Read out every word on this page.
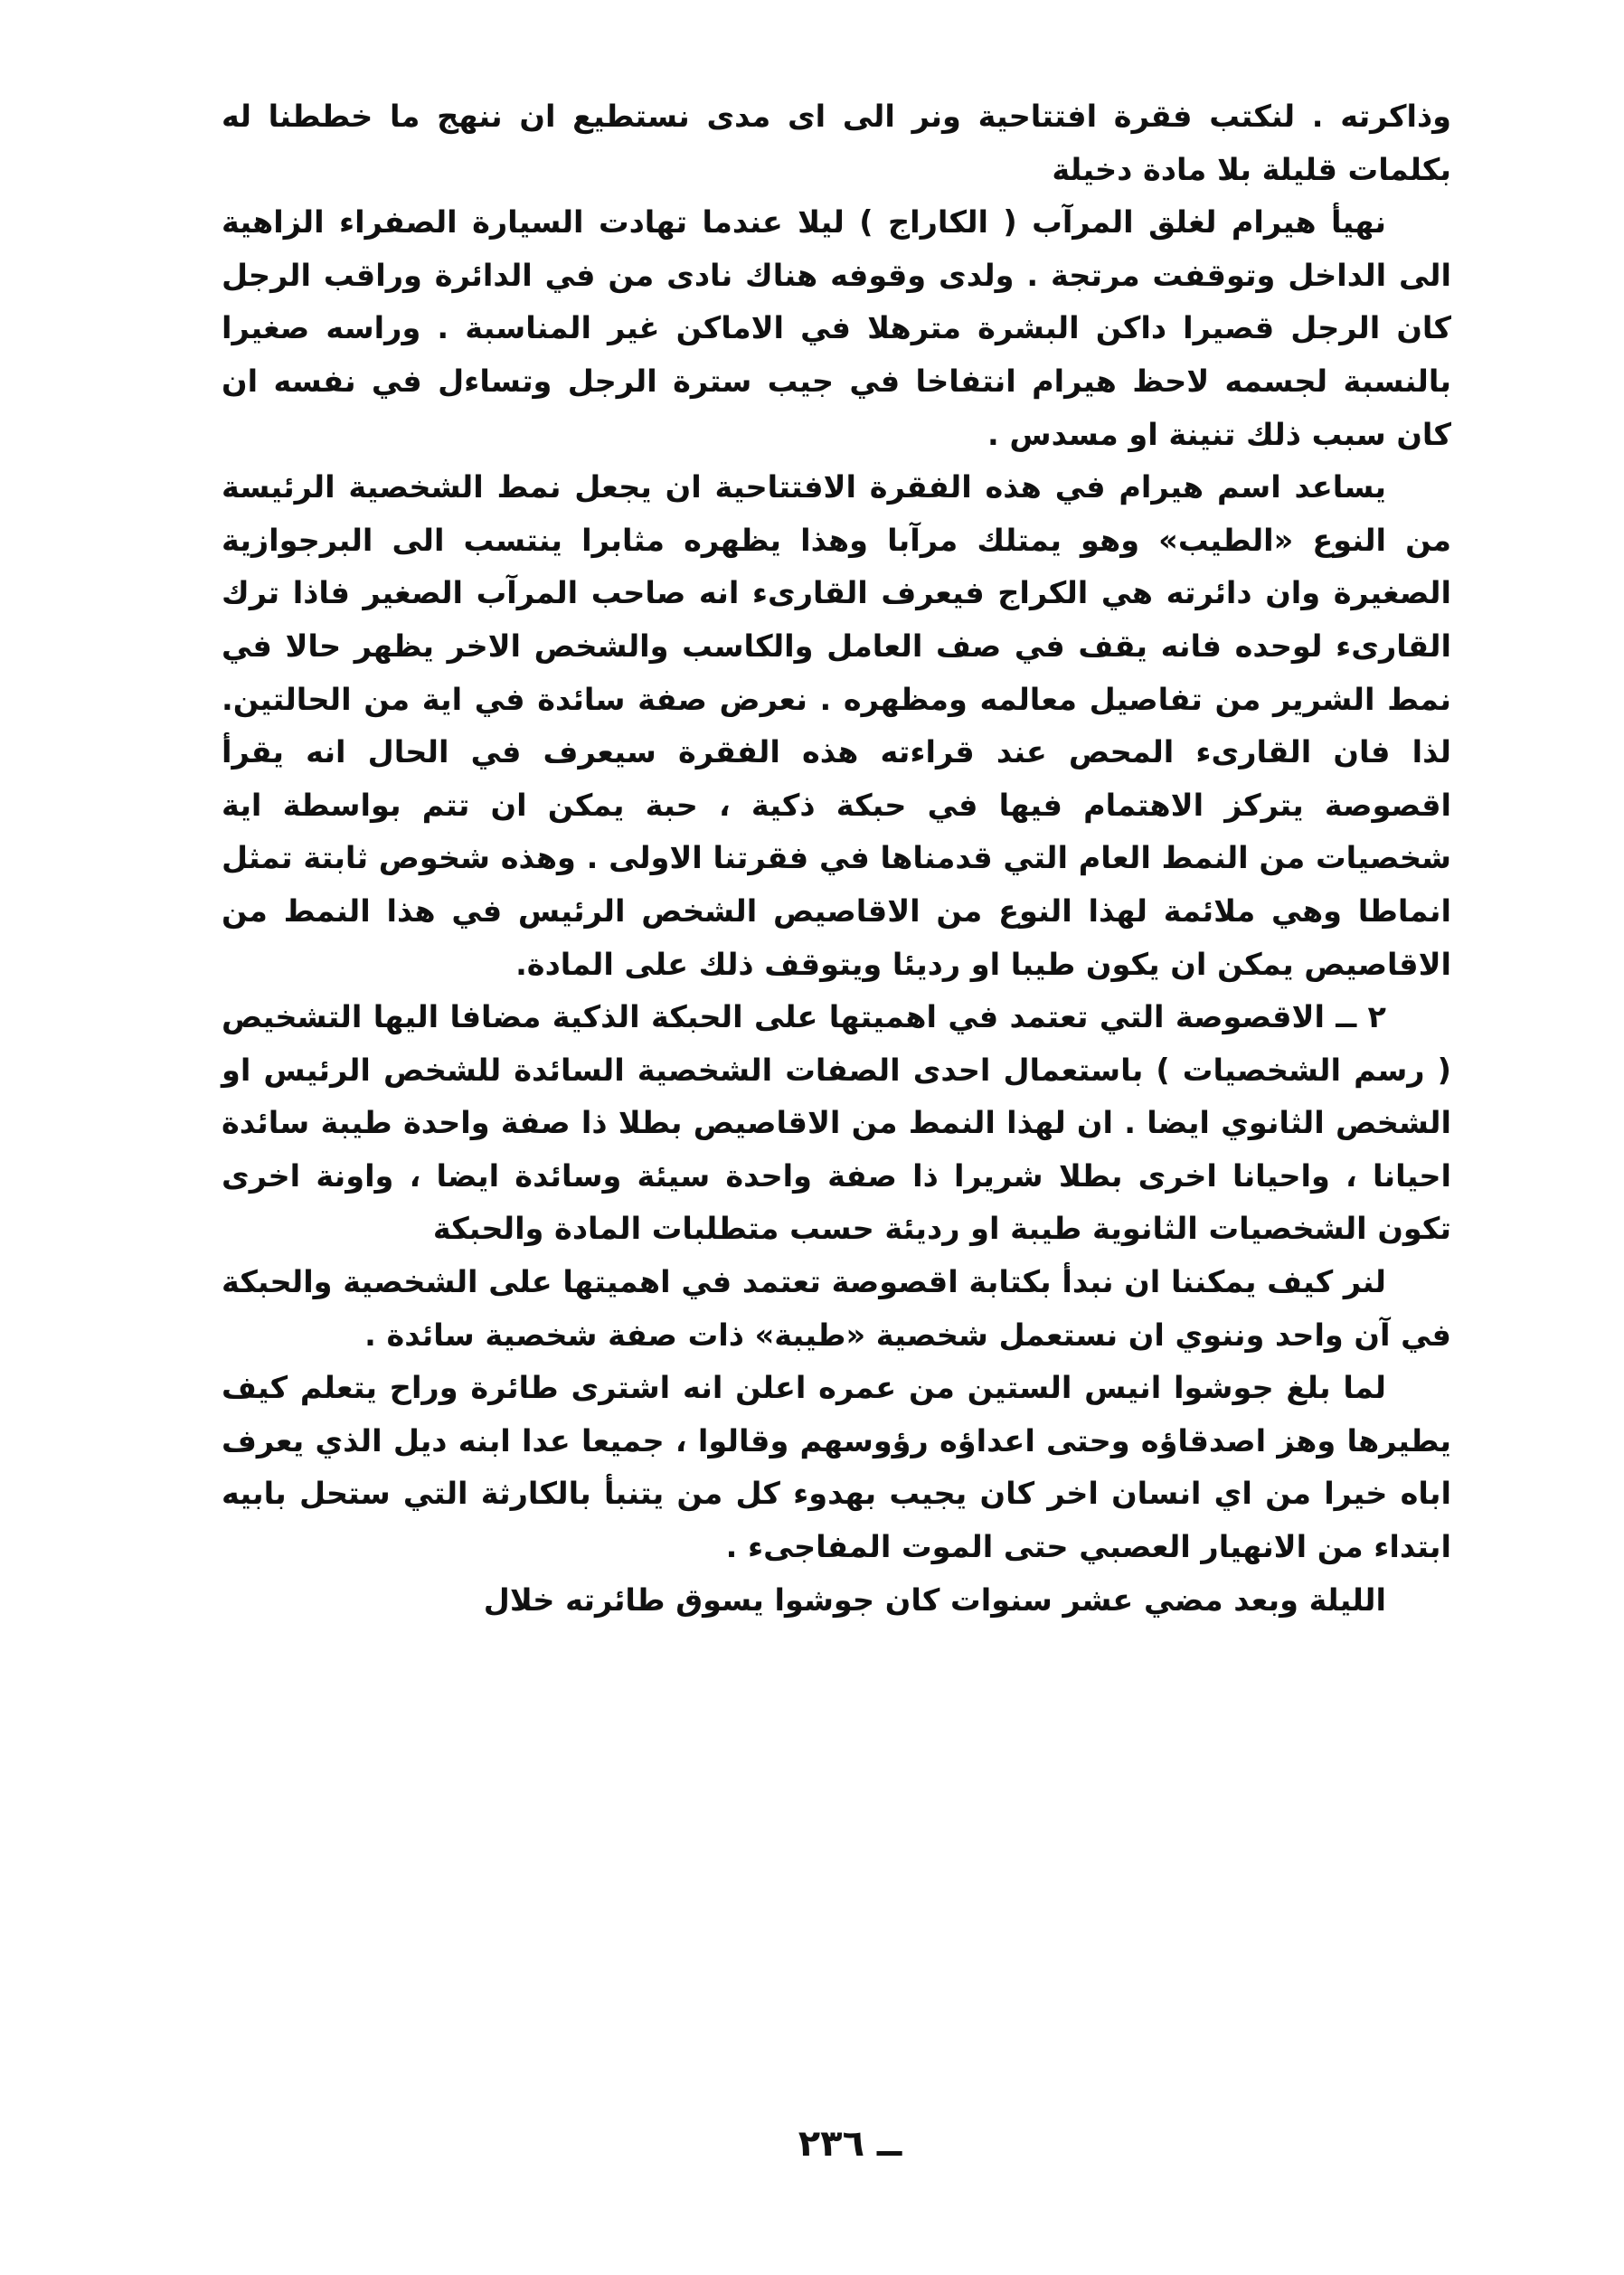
وذاكرته . لنكتب فقرة افتتاحية ونر الى اى مدى نستطيع ان ننهج ما خططنا له بكلمات قليلة بلا مادة دخيلة

نهيأ هيرام لغلق المرآب ( الكاراج ) ليلا عندما تهادت السيارة الصفراء الزاهية الى الداخل وتوقفت مرتجة . ولدى وقوفه هناك نادى من في الدائرة وراقب الرجل كان الرجل قصيرا داكن البشرة مترهلا في الاماكن غير المناسبة . وراسه صغيرا بالنسبة لجسمه لاحظ هيرام انتفاخا في جيب سترة الرجل وتساءل في نفسه ان كان سبب ذلك تنينة او مسدس .

يساعد اسم هيرام في هذه الفقرة الافتتاحية ان يجعل نمط الشخصية الرئيسة من النوع «الطيب» وهو يمتلك مرآبا وهذا يظهره مثابرا ينتسب الى البرجوازية الصغيرة وان دائرته هي الكراج فيعرف القارىء انه صاحب المرآب الصغير فاذا ترك القارىء لوحده فانه يقف في صف العامل والكاسب والشخص الاخر يظهر حالا في نمط الشرير من تفاصيل معالمه ومظهره . نعرض صفة سائدة في اية من الحالتين. لذا فان القارىء المحص عند قراءته هذه الفقرة سيعرف في الحال انه يقرأ اقصوصة يتركز الاهتمام فيها في حبكة ذكية ، حبة يمكن ان تتم بواسطة اية شخصيات من النمط العام التي قدمناها في فقرتنا الاولى . وهذه شخوص ثابتة تمثل انماطا وهي ملائمة لهذا النوع من الاقاصيص الشخص الرئيس في هذا النمط من الاقاصيص يمكن ان يكون طيبا او رديئا ويتوقف ذلك على المادة.

٢ ــ الاقصوصة التي تعتمد في اهميتها على الحبكة الذكية مضافا اليها التشخيص ( رسم الشخصيات ) باستعمال احدى الصفات الشخصية السائدة للشخص الرئيس او الشخص الثانوي ايضا . ان لهذا النمط من الاقاصيص بطلا ذا صفة واحدة طيبة سائدة احيانا ، واحيانا اخرى بطلا شريرا ذا صفة واحدة سيئة وسائدة ايضا ، واونة اخرى تكون الشخصيات الثانوية طيبة او رديئة حسب متطلبات المادة والحبكة

لنر كيف يمكننا ان نبدأ بكتابة اقصوصة تعتمد في اهميتها على الشخصية والحبكة في آن واحد وننوي ان نستعمل شخصية «طيبة» ذات صفة شخصية سائدة .

لما بلغ جوشوا انيس الستين من عمره اعلن انه اشترى طائرة وراح يتعلم كيف يطيرها وهز اصدقاؤه وحتى اعداؤه رؤوسهم وقالوا ، جميعا عدا ابنه ديل الذي يعرف اباه خيرا من اي انسان اخر كان يجيب بهدوء كل من يتنبأ بالكارثة التي ستحل بابيه ابتداء من الانهيار العصبي حتى الموت المفاجىء .

الليلة وبعد مضي عشر سنوات كان جوشوا يسوق طائرته خلال

ــ ٢٣٦
